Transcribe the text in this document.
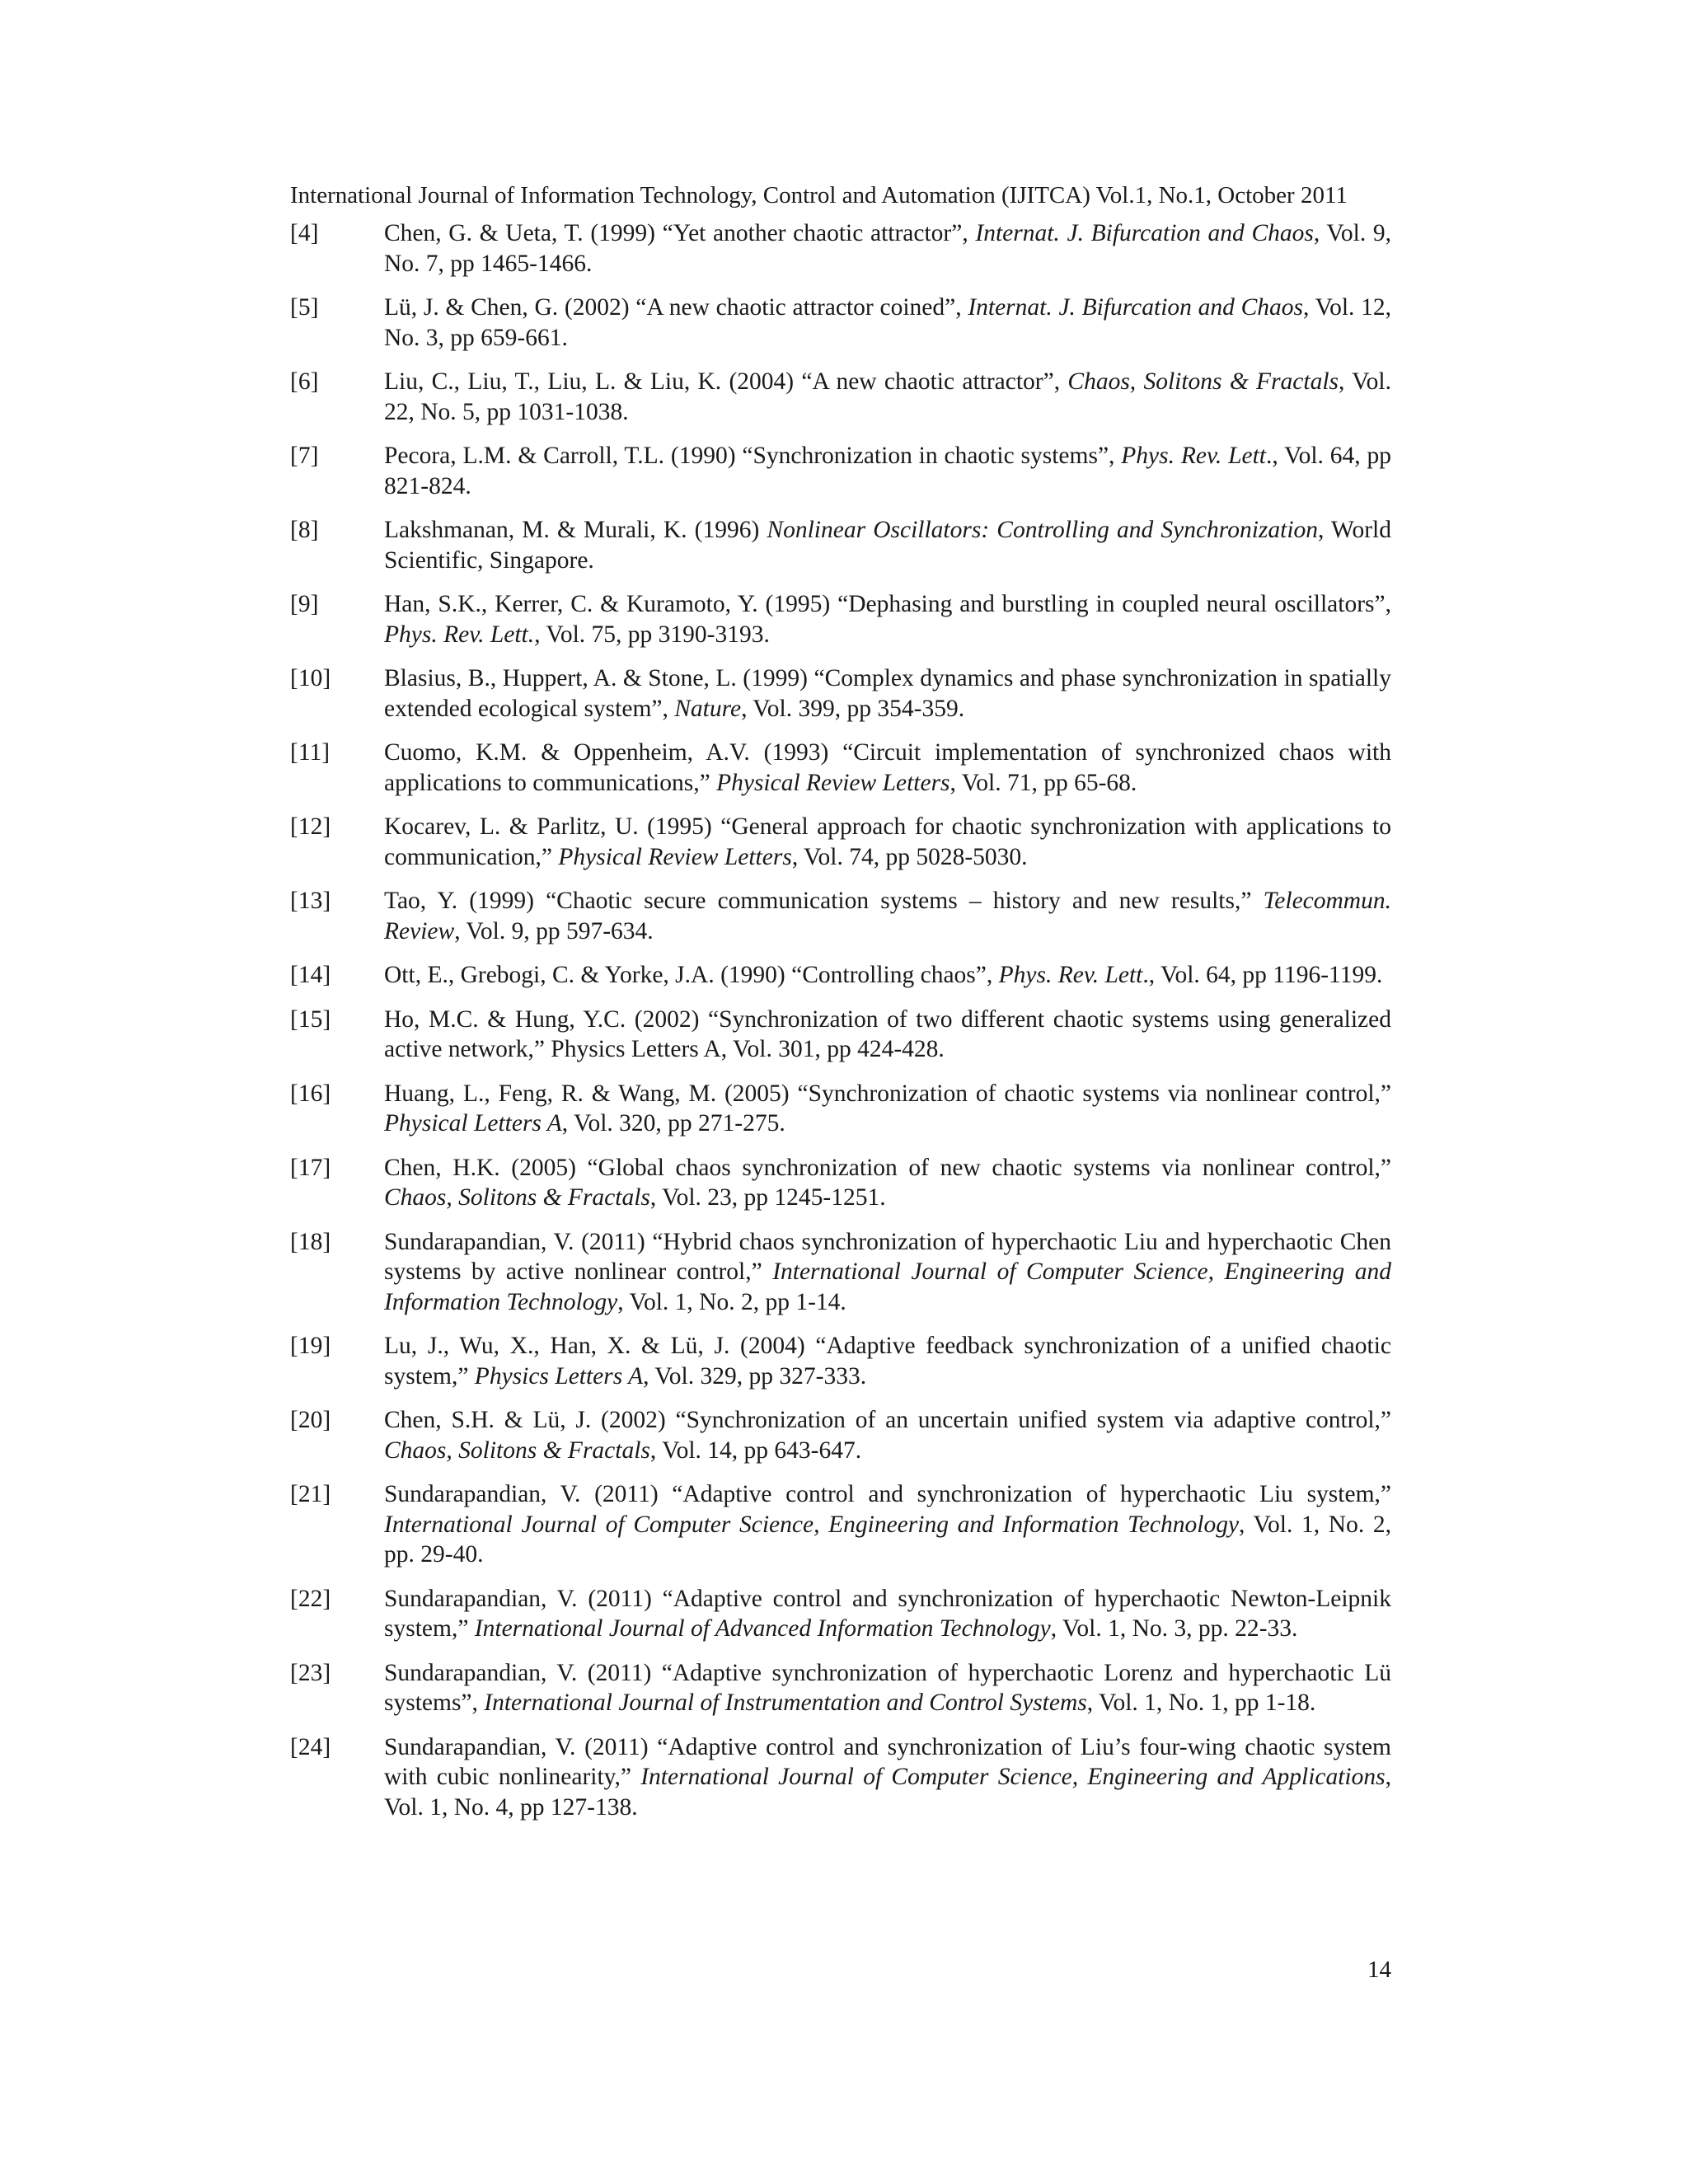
International Journal of Information Technology, Control and Automation (IJITCA) Vol.1, No.1, October 2011
[4]	Chen, G. & Ueta, T. (1999) “Yet another chaotic attractor”, Internat. J. Bifurcation and Chaos, Vol. 9, No. 7, pp 1465-1466.
[5]	Lü, J. & Chen, G. (2002) “A new chaotic attractor coined”, Internat. J. Bifurcation and Chaos, Vol. 12, No. 3, pp 659-661.
[6]	Liu, C., Liu, T., Liu, L. & Liu, K. (2004) “A new chaotic attractor”, Chaos, Solitons & Fractals, Vol. 22, No. 5, pp 1031-1038.
[7]	Pecora, L.M. & Carroll, T.L. (1990) “Synchronization in chaotic systems”, Phys. Rev. Lett., Vol. 64, pp 821-824.
[8]	Lakshmanan, M. & Murali, K. (1996) Nonlinear Oscillators: Controlling and Synchronization, World Scientific, Singapore.
[9]	Han, S.K., Kerrer, C. & Kuramoto, Y. (1995) “Dephasing and burstling in coupled neural oscillators”, Phys. Rev. Lett., Vol. 75, pp 3190-3193.
[10]	Blasius, B., Huppert, A. & Stone, L. (1999) “Complex dynamics and phase synchronization in spatially extended ecological system”, Nature, Vol. 399, pp 354-359.
[11]	Cuomo, K.M. & Oppenheim, A.V. (1993) “Circuit implementation of synchronized chaos with applications to communications,” Physical Review Letters, Vol. 71, pp 65-68.
[12]	Kocarev, L. & Parlitz, U. (1995) “General approach for chaotic synchronization with applications to communication,” Physical Review Letters, Vol. 74, pp 5028-5030.
[13]	Tao, Y. (1999) “Chaotic secure communication systems – history and new results,” Telecommun. Review, Vol. 9, pp 597-634.
[14]	Ott, E., Grebogi, C. & Yorke, J.A. (1990) “Controlling chaos”, Phys. Rev. Lett., Vol. 64, pp 1196-1199.
[15]	Ho, M.C. & Hung, Y.C. (2002) “Synchronization of two different chaotic systems using generalized active network,” Physics Letters A, Vol. 301, pp 424-428.
[16]	Huang, L., Feng, R. & Wang, M. (2005) “Synchronization of chaotic systems via nonlinear control,” Physical Letters A, Vol. 320, pp 271-275.
[17]	Chen, H.K. (2005) “Global chaos synchronization of new chaotic systems via nonlinear control,” Chaos, Solitons & Fractals, Vol. 23, pp 1245-1251.
[18]	Sundarapandian, V. (2011) “Hybrid chaos synchronization of hyperchaotic Liu and hyperchaotic Chen systems by active nonlinear control,” International Journal of Computer Science, Engineering and Information Technology, Vol. 1, No. 2, pp 1-14.
[19]	Lu, J., Wu, X., Han, X. & Lü, J. (2004) “Adaptive feedback synchronization of a unified chaotic system,” Physics Letters A, Vol. 329, pp 327-333.
[20]	Chen, S.H. & Lü, J. (2002) “Synchronization of an uncertain unified system via adaptive control,” Chaos, Solitons & Fractals, Vol. 14, pp 643-647.
[21]	Sundarapandian, V. (2011) “Adaptive control and synchronization of hyperchaotic Liu system,” International Journal of Computer Science, Engineering and Information Technology, Vol. 1, No. 2, pp. 29-40.
[22]	Sundarapandian, V. (2011) “Adaptive control and synchronization of hyperchaotic Newton-Leipnik system,” International Journal of Advanced Information Technology, Vol. 1, No. 3, pp. 22-33.
[23]	Sundarapandian, V. (2011) “Adaptive synchronization of hyperchaotic Lorenz and hyperchaotic Lü systems”, International Journal of Instrumentation and Control Systems, Vol. 1, No. 1, pp 1-18.
[24]	Sundarapandian, V. (2011) “Adaptive control and synchronization of Liu’s four-wing chaotic system with cubic nonlinearity,” International Journal of Computer Science, Engineering and Applications, Vol. 1, No. 4, pp 127-138.
14
